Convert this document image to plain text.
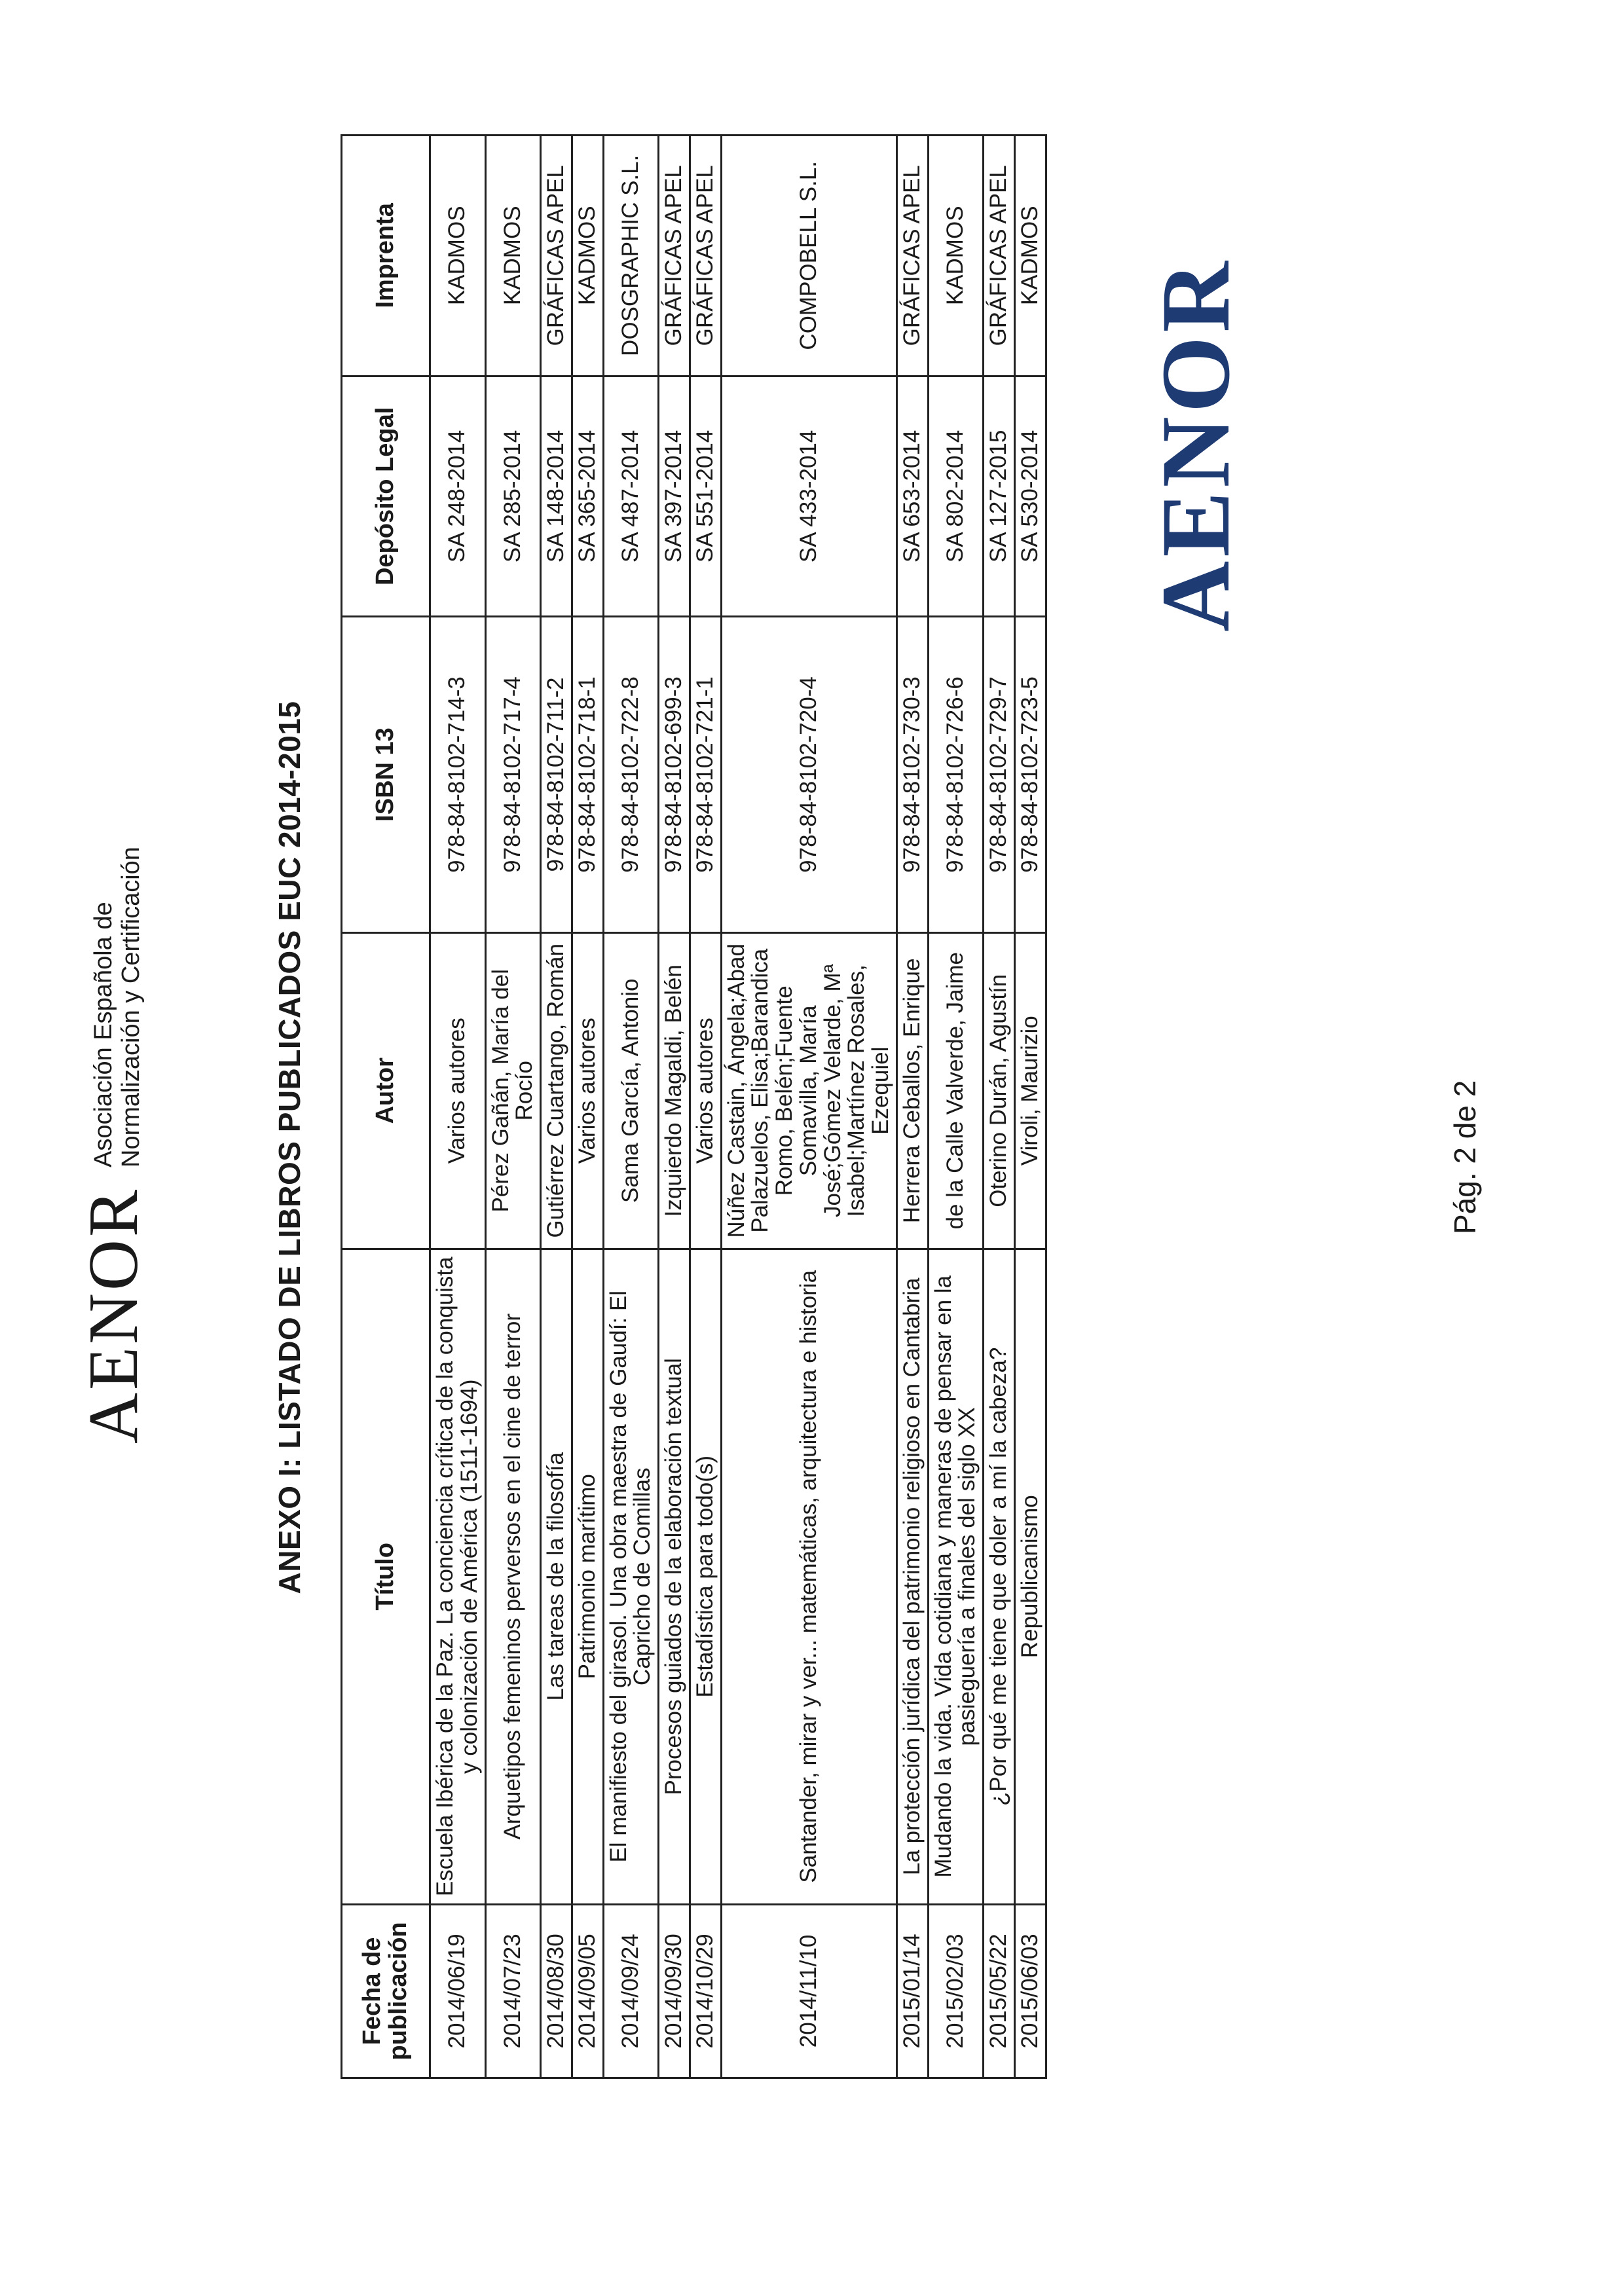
AENOR
Asociación Española de Normalización y Certificación	ANEXO I: LISTADO DE LIBROS PUBLICADOS EUC 2014-2015
Fecha de publicación	Título	Autor	ISBN 13	Depósito Legal	Imprenta
2014/06/19	Escuela Ibérica de la Paz. La conciencia crítica de la conquista y colonización de América (1511-1694)	Varios autores	978-84-8102-714-3	SA 248-2014	KADMOS
2014/07/23	Arquetipos femeninos perversos en el cine de terror	Pérez Gañán, María del Rocío	978-84-8102-717-4	SA 285-2014	KADMOS
2014/08/30	Las tareas de la filosofía	Gutiérrez Cuartango, Román	978-84-8102-711-2	SA 148-2014	GRÁFICAS APEL
2014/09/05	Patrimonio marítimo	Varios autores	978-84-8102-718-1	SA 365-2014	KADMOS
2014/09/24	El manifiesto del girasol. Una obra maestra de Gaudí: El Capricho de Comillas	Sama García, Antonio	978-84-8102-722-8	SA 487-2014	DOSGRAPHIC S.L.
2014/09/30	Procesos guiados de la elaboración textual	Izquierdo Magaldi, Belén	978-84-8102-699-3	SA 397-2014	GRÁFICAS APEL
2014/10/29	Estadística para todo(s)	Varios autores	978-84-8102-721-1	SA 551-2014	GRÁFICAS APEL
2014/11/10	Santander, mirar y ver... matemáticas, arquitectura e historia	Núñez Castain, Ángela;Abad Palazuelos, Elisa;Barandica Romo, Belén;Fuente Somavilla, María José;Gómez Velarde, Mª Isabel;Martínez Rosales, Ezequiel	978-84-8102-720-4	SA 433-2014	COMPOBELL S.L.
2015/01/14	La protección jurídica del patrimonio religioso en Cantabria	Herrera Ceballos, Enrique	978-84-8102-730-3	SA 653-2014	GRÁFICAS APEL
2015/02/03	Mudando la vida. Vida cotidiana y maneras de pensar en la pasieguería a finales del siglo XX	de la Calle Valverde, Jaime	978-84-8102-726-6	SA 802-2014	KADMOS
2015/05/22	¿Por qué me tiene que doler a mí la cabeza?	Oterino Durán, Agustín	978-84-8102-729-7	SA 127-2015	GRÁFICAS APEL
2015/06/03	Republicanismo	Viroli, Maurizio	978-84-8102-723-5	SA 530-2014	KADMOS
AENOR
Pág. 2 de 2
